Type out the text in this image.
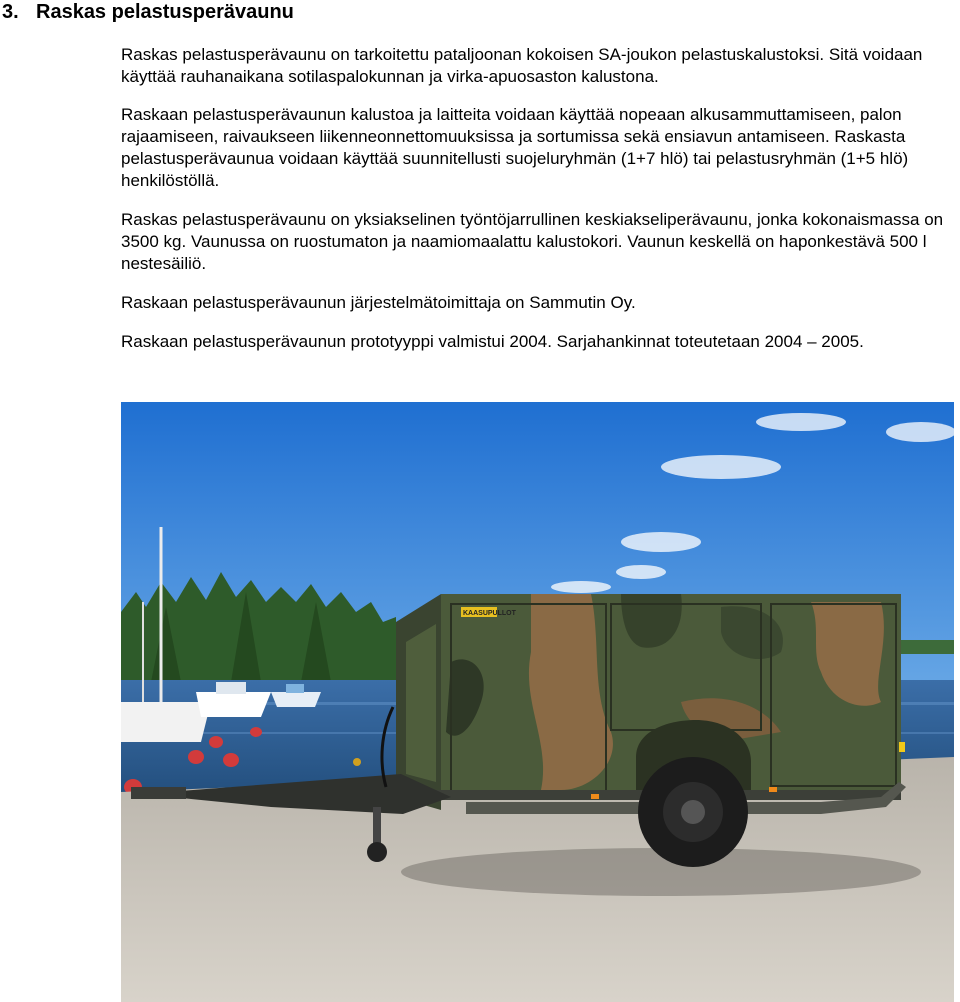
3. Raskas pelastusperävaunu

Raskas pelastusperävaunu on tarkoitettu pataljoonan kokoisen SA-joukon pelastuskalustoksi. Sitä voidaan käyttää rauhanaikana sotilaspalokunnan ja virka-apuosaston kalustona.

Raskaan pelastusperävaunun kalustoa ja laitteita voidaan käyttää nopeaan alkusammuttamiseen, palon rajaamiseen, raivaukseen liikenneonnettomuuksissa ja sortumissa sekä ensiavun antamiseen. Raskasta pelastusperävaunua voidaan käyttää suunnitellusti suojeluryhmän (1+7 hlö) tai pelastusryhmän (1+5 hlö) henkilöstöllä.

Raskas pelastusperävaunu on yksiakselinen työntöjarrullinen keskiakseliperävaunu, jonka kokonaismassa on 3500 kg. Vaunussa on ruostumaton ja naamiomaalattu kalustokori. Vaunun keskellä on haponkestävä 500 l nestesäiliö.

Raskaan pelastusperävaunun järjestelmätoimittaja on Sammutin Oy.

Raskaan pelastusperävaunun prototyyppi valmistui 2004. Sarjahankinnat toteutetaan 2004 – 2005.

KAASUPULLOT
